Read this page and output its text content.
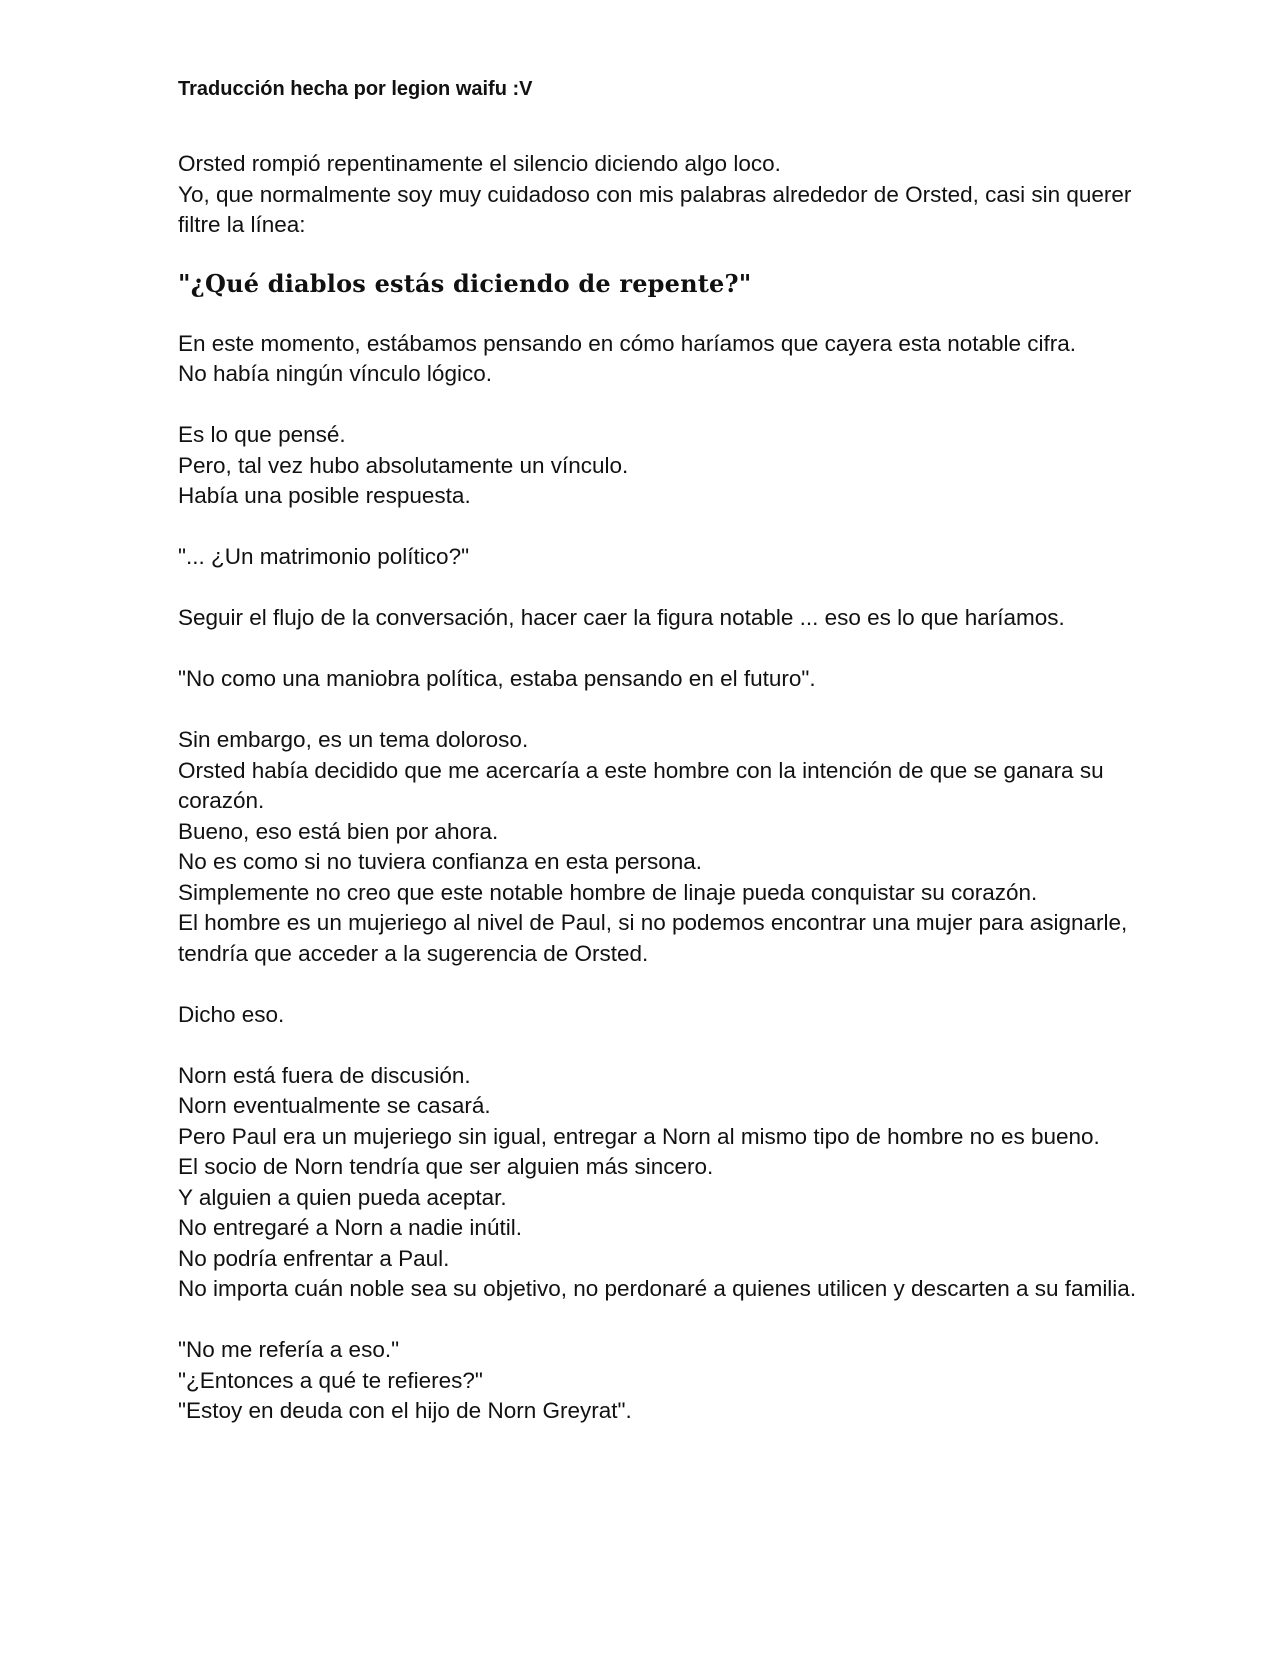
Traducción hecha por legion waifu :V

Orsted rompió repentinamente el silencio diciendo algo loco.

Yo, que normalmente soy muy cuidadoso con mis palabras alrededor de Orsted, casi sin querer filtre la línea:

"¿Qué diablos estás diciendo de repente?"

En este momento, estábamos pensando en cómo haríamos que cayera esta notable cifra.

No había ningún vínculo lógico.

Es lo que pensé.

Pero, tal vez hubo absolutamente un vínculo.

Había una posible respuesta.

"... ¿Un matrimonio político?"

Seguir el flujo de la conversación, hacer caer la figura notable ... eso es lo que haríamos.

"No como una maniobra política, estaba pensando en el futuro".

Sin embargo, es un tema doloroso.

Orsted había decidido que me acercaría a este hombre con la intención de que se ganara su corazón.

Bueno, eso está bien por ahora.

No es como si no tuviera confianza en esta persona.

Simplemente no creo que este notable hombre de linaje pueda conquistar su corazón.

El hombre es un mujeriego al nivel de Paul, si no podemos encontrar una mujer para asignarle, tendría que acceder a la sugerencia de Orsted.

Dicho eso.

Norn está fuera de discusión.

Norn eventualmente se casará.

Pero Paul era un mujeriego sin igual, entregar a Norn al mismo tipo de hombre no es bueno.

El socio de Norn tendría que ser alguien más sincero.

Y alguien a quien pueda aceptar.

No entregaré a Norn a nadie inútil.

No podría enfrentar a Paul.

No importa cuán noble sea su objetivo, no perdonaré a quienes utilicen y descarten a su familia.

"No me refería a eso."

"¿Entonces a qué te refieres?"

"Estoy en deuda con el hijo de Norn Greyrat".
